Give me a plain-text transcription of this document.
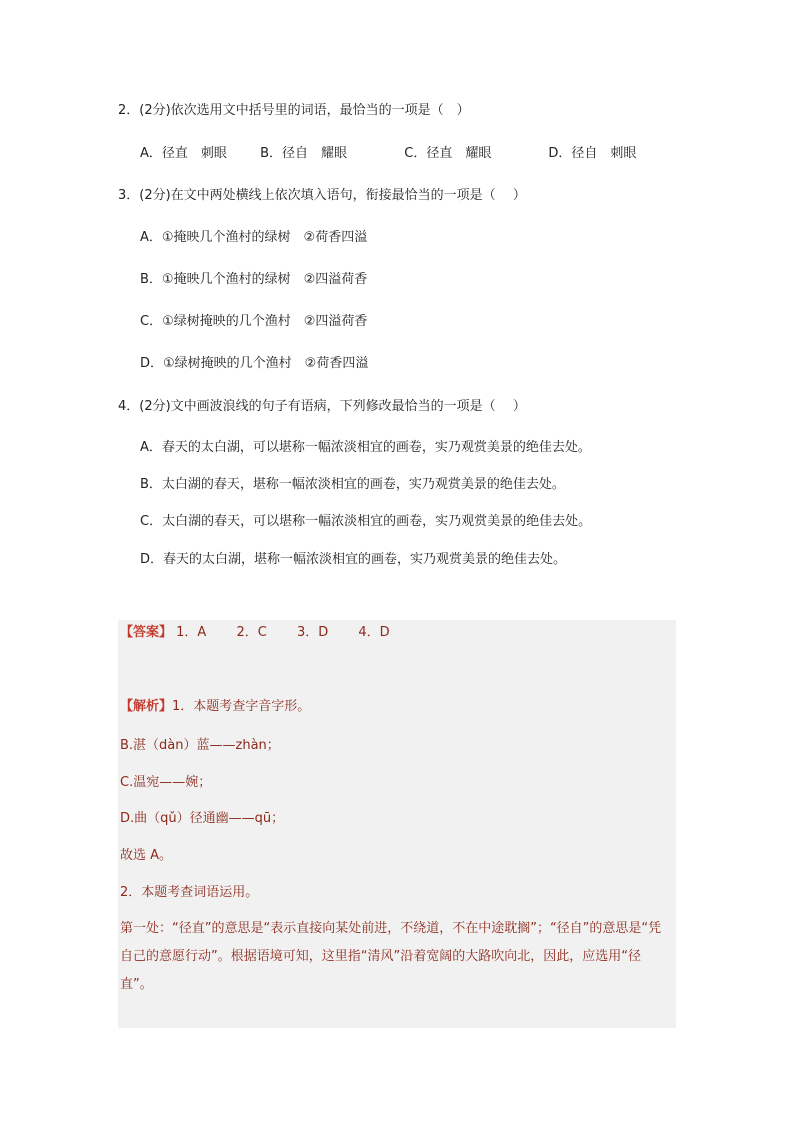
2．(2分)依次选用文中括号里的词语，最恰当的一项是（　）
A．径直　刺眼	B．径自　耀眼	C．径直　耀眼	D．径自　刺眼
3．(2分)在文中两处横线上依次填入语句，衔接最恰当的一项是（　 ）
A．①掩映几个渔村的绿树　②荷香四溢
B．①掩映几个渔村的绿树　②四溢荷香
C．①绿树掩映的几个渔村　②四溢荷香
D．①绿树掩映的几个渔村　②荷香四溢
4．(2分)文中画波浪线的句子有语病，下列修改最恰当的一项是（　 ）
A．春天的太白湖，可以堪称一幅浓淡相宜的画卷，实乃观赏美景的绝佳去处。
B．太白湖的春天，堪称一幅浓淡相宜的画卷，实乃观赏美景的绝佳去处。
C．太白湖的春天，可以堪称一幅浓淡相宜的画卷，实乃观赏美景的绝佳去处。
D．春天的太白湖，堪称一幅浓淡相宜的画卷，实乃观赏美景的绝佳去处。
【答案】 1．A 2．C 3．D 4．D
【解析】1．本题考查字音字形。
B.湛（dàn）蓝——zhàn；
C.温宛——婉；
D.曲（qǔ）径通幽——qū；
故选 A。
2．本题考查词语运用。
第一处：“径直”的意思是“表示直接向某处前进，不绕道，不在中途耽搁”；“径自”的意思是“凭自己的意愿行动”。根据语境可知，这里指“清风”沿着宽阔的大路吹向北，因此，应选用“径直”。
